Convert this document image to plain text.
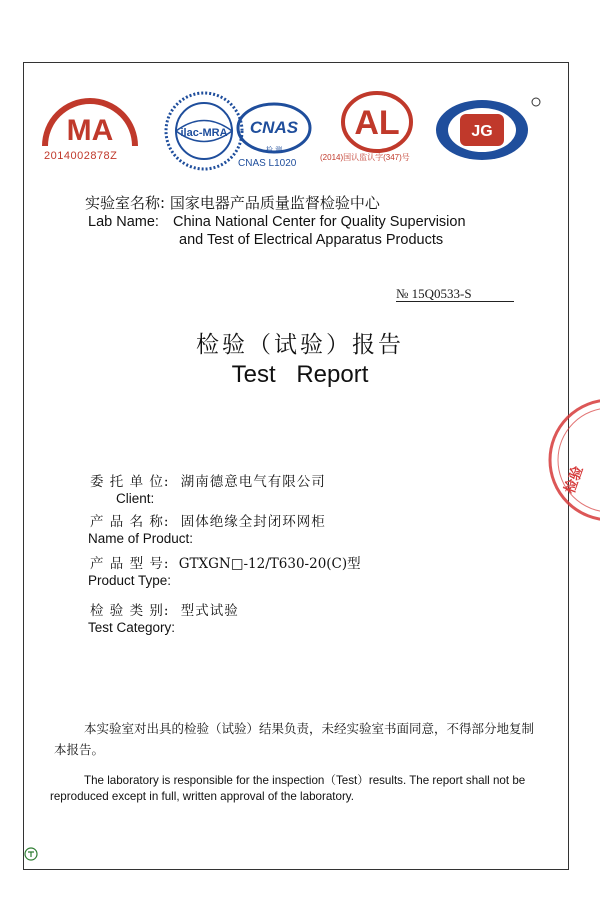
MA
2014002878Z
ilac-MRA CNAS
检 测
CNAS L1020
AL
(2014)国认监认字(347)号
JG
实验室名称: 国家电器产品质量监督检验中心
Lab Name: China National Center for Quality Supervision
and Test of Electrical Apparatus Products
№ 15Q0533-S
检验（试验）报告
Test Report
委 托 单 位: 湖南德意电气有限公司
Client:
产 品 名 称: 固体绝缘全封闭环网柜
Name of Product:
产 品 型 号: GTXGN□-12/T630-20(C)型
Product Type:
检 验 类 别: 型式试验
Test Category:
本实验室对出具的检验（试验）结果负责，未经实验室书面同意，不得部分地复制本报告。
The laboratory is responsible for the inspection（Test）results. The report shall not be reproduced except in full, written approval of the laboratory.
检验
